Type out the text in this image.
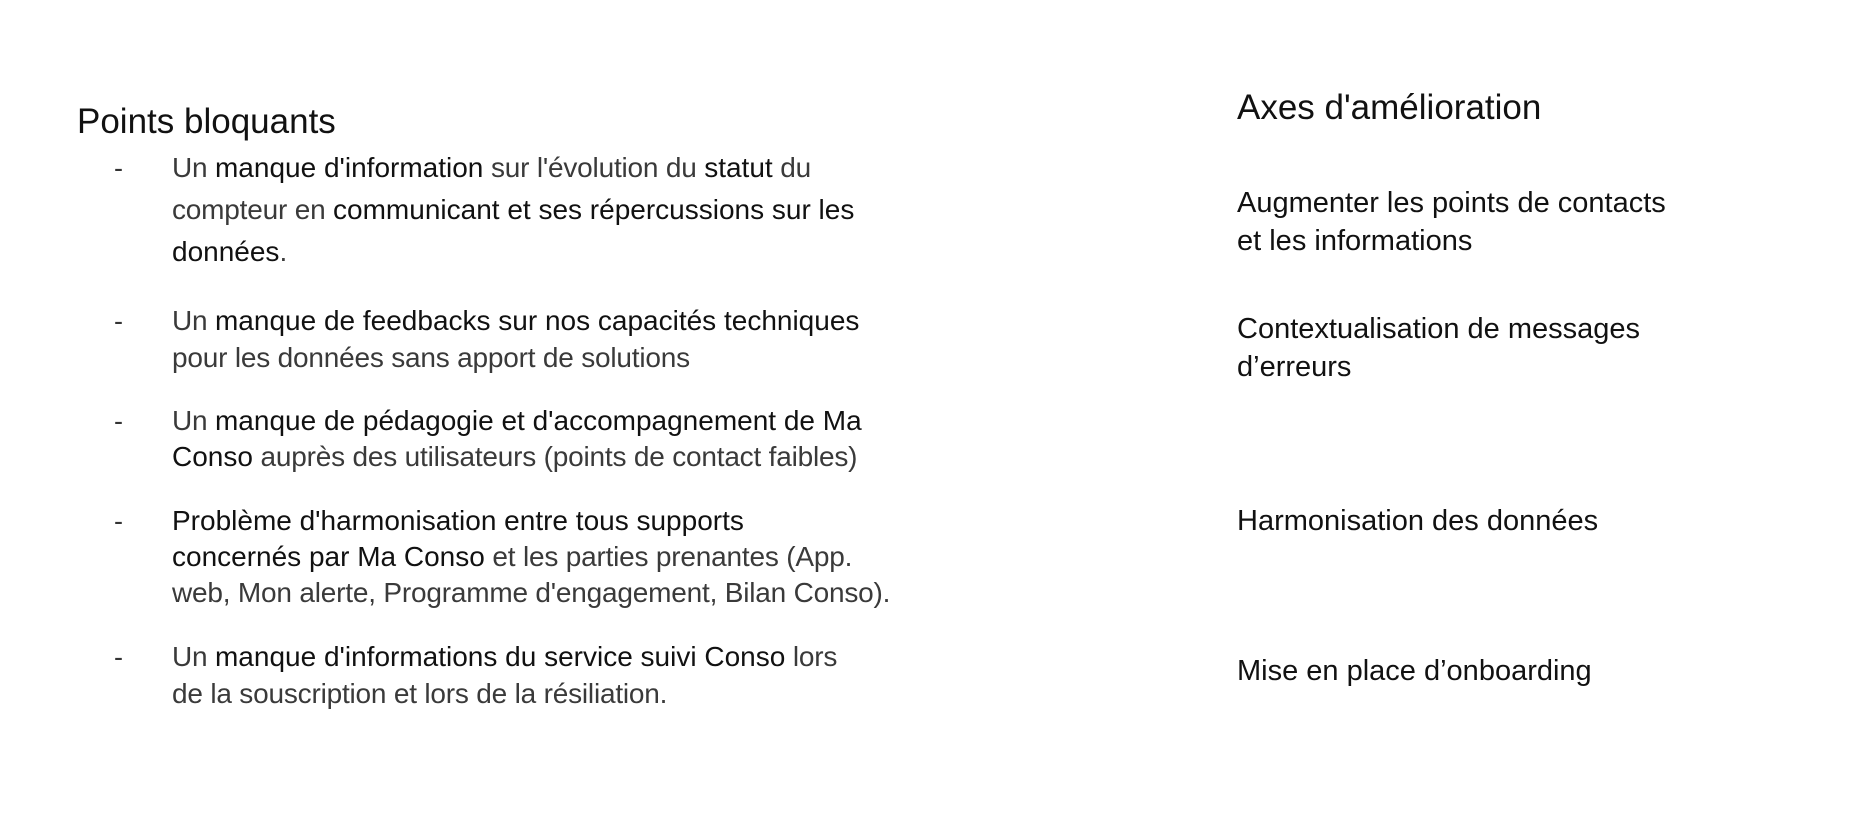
Points bloquants
- Un manque d'information sur l'évolution du statut du
compteur en communicant et ses répercussions sur les
données.
- Un manque de feedbacks sur nos capacités techniques
pour les données sans apport de solutions
- Un manque de pédagogie et d'accompagnement de Ma
Conso auprès des utilisateurs (points de contact faibles)
- Problème d'harmonisation entre tous supports
concernés par Ma Conso et les parties prenantes (App.
web, Mon alerte, Programme d'engagement, Bilan Conso).
- Un manque d'informations du service suivi Conso lors
de la souscription et lors de la résiliation.
Axes d'amélioration
Augmenter les points de contacts
et les informations
Contextualisation de messages
d’erreurs
Harmonisation des données
Mise en place d’onboarding
